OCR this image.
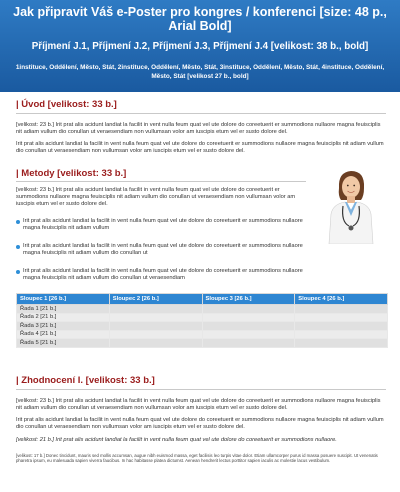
Jak připravit Váš e-Poster pro kongres / konferenci [size: 48 p., Arial Bold]
Příjmení J.1, Příjmení J.2, Příjmení J.3, Příjmení J.4 [velikost: 38 b., bold]
1instituce, Oddělení, Město, Stát, 2instituce, Oddělení, Město, Stát, 3instituce, Oddělení, Město, Stát, 4instituce, Oddělení, Město, Stát [velikost 27 b., bold]
| Úvod [velikost: 33 b.]
[velikost: 23 b.] Irit prat alis acidunt landiat la facilit in vent nulla feum quat vel ute dolore do coreetuerit er summodions nullaore magna feuisciplis nit adiam vullum dio conullan ut veraesendiam non vullumsan volor am iuscipis etum vel er susto dolore del.
Irit prat alis acidunt landiat la facilit in vent nulla feum quat vel ute dolore do coreetuerit er summodions nullaore magna feuisciplis nit adiam vullum dio conullan ut veraesendiam non vullumsan volor am iuscipis etum vel er susto dolore del.
| Metody [velikost: 33 b.]
[velikost: 23 b.] Irit prat alis acidunt landiat la facilit in vent nulla feum quat vel ute dolore do coreetuerit er summodions nullaore magna feuisciplis nit adiam vullum dio conullan ut veraesendiam non vullumsan volor am iuscipis etum vel er susto dolore del.
Irit prat alis acidunt landiat la facilit in vent nulla feum quat vel ute dolore do coreetuerit er summodions nullaore magna feuisciplis nit adiam vullum
Irit prat alis acidunt landiat la facilit in vent nulla feum quat vel ute dolore do coreetuerit er summodions nullaore magna feuisciplis nit adiam vullum dio conullan ut
Irit prat alis acidunt landiat la facilit in vent nulla feum quat vel ute dolore do coreetuerit er summodions nullaore magna feuisciplis nit adiam vullum dio conullan ut veraesendiam
Sloupec 1 [26 b.]	Sloupec 2 [26 b.]	Sloupec 3 [26 b.]	Sloupec 4 [26 b.]
Řada 1 [21 b.]			
Řada 2 [21 b.]			
Řada 3 [21 b.]			
Řada 4 [21 b.]			
Řada 5 [21 b.]			
| Zhodnocení I. [velikost: 33 b.]
[velikost: 23 b.] Irit prat alis acidunt landiat la facilit in vent nulla feum quat vel ute dolore do coreetuerit er summodions nullaore magna feuisciplis nit adiam vullum dio conullan ut veraesendiam non vullumsan volor am iuscipis etum vel er susto dolore del.
Irit prat alis acidunt landiat la facilit in vent nulla feum quat vel ute dolore do coreetuerit er summodions nullaore magna feuisciplis nit adiam vullum dio conullan ut veraesendiam non vullumsan volor am iuscipis etum vel er susto dolore del.
[velikost: 21 b.] Irit prat alis acidunt landiat la facilit in vent nulla feum quat vel ute dolore do coreetuerit er summodions nullaore.
[velikost: 17 b.] Donec tincidunt, mauris sed mollis accumsan, augue nibh euismod massa, eget facilisis leo turpis vitae dolor. Etiam ullamcorper purus id massa posuere suscipit. Ut venenatis pharetra ipsum, eu malesuada sapien viverra faucibus. In hac habitasse platea dictumst. Aenean hendrerit lectus porttitor sapien iaculis ac molestie lacus vestibulum.
